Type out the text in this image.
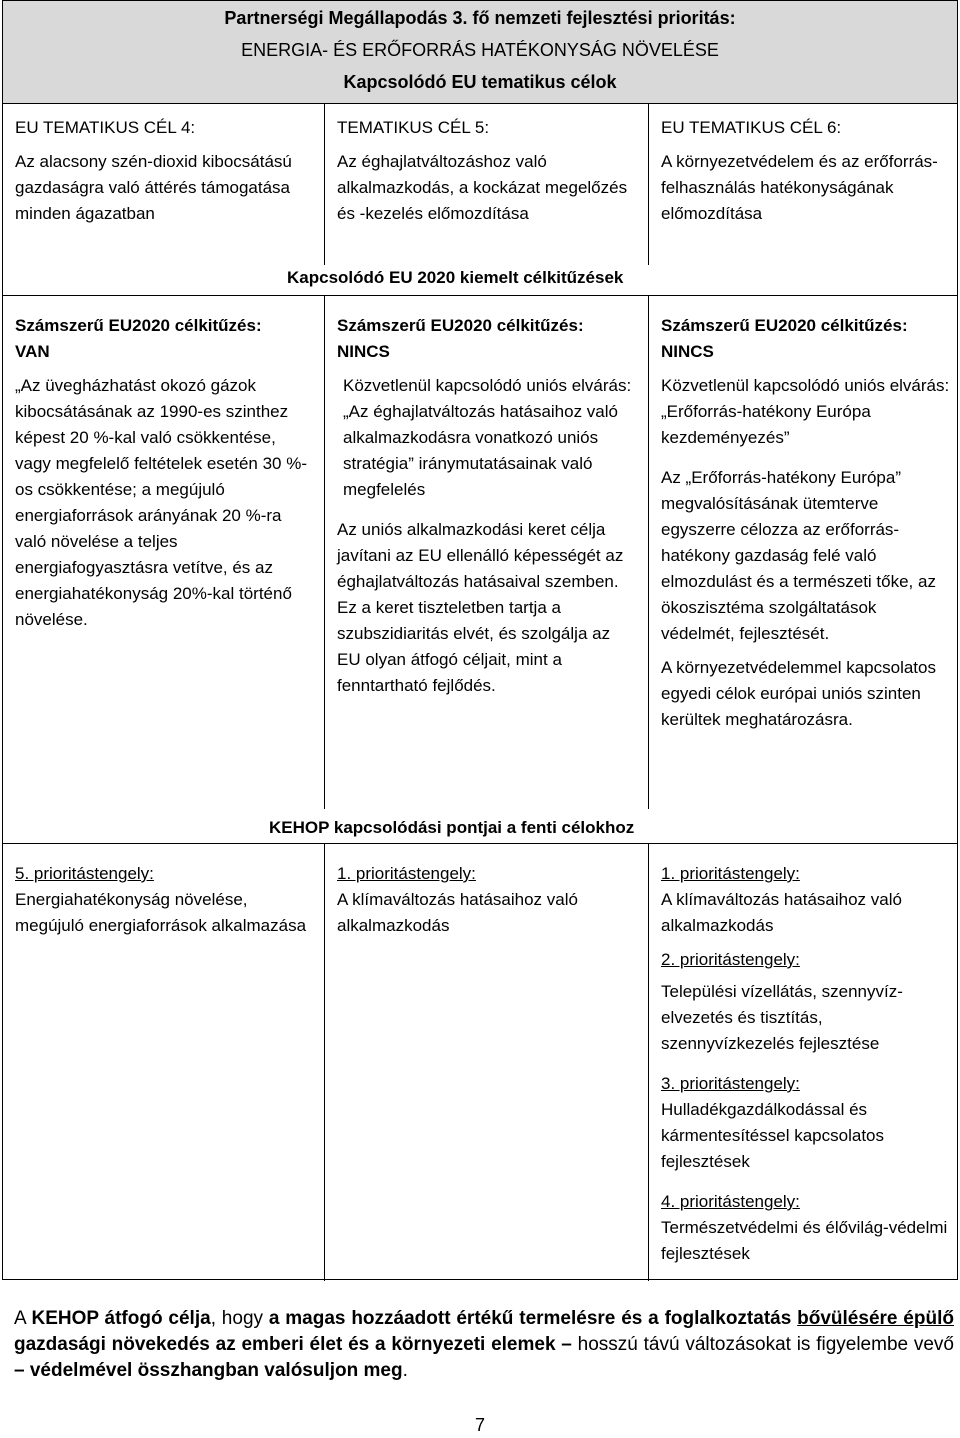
Partnerségi Megállapodás 3. fő nemzeti fejlesztési prioritás:
ENERGIA- ÉS ERŐFORRÁS HATÉKONYSÁG NÖVELÉSE
Kapcsolódó EU tematikus célok
EU TEMATIKUS CÉL 4:
Az alacsony szén-dioxid kibocsátású gazdaságra való áttérés támogatása minden ágazatban
TEMATIKUS CÉL 5:
Az éghajlatváltozáshoz való alkalmazkodás, a kockázat megelőzés és -kezelés előmozdítása
EU TEMATIKUS CÉL 6:
A környezetvédelem és az erőforrás-felhasználás hatékonyságának előmozdítása
Kapcsolódó EU 2020 kiemelt célkitűzések
Számszerű EU2020 célkitűzés:
VAN
„Az üvegházhatást okozó gázok kibocsátásának az 1990-es szinthez képest 20 %-kal való csökkentése, vagy megfelelő feltételek esetén 30 %-os csökkentése; a megújuló energiaforrások arányának 20 %-ra való növelése a teljes energiafogyasztásra vetítve, és az energiahatékonyság 20%-kal történő növelése.
Számszerű EU2020 célkitűzés:
NINCS
Közvetlenül kapcsolódó uniós elvárás: „Az éghajlatváltozás hatásaihoz való alkalmazkodásra vonatkozó uniós stratégia” iránymutatásainak való megfelelés
Az uniós alkalmazkodási keret célja javítani az EU ellenálló képességét az éghajlatváltozás hatásaival szemben. Ez a keret tiszteletben tartja a szubszidiaritás elvét, és szolgálja az EU olyan átfogó céljait, mint a fenntartható fejlődés.
Számszerű EU2020 célkitűzés:
NINCS
Közvetlenül kapcsolódó uniós elvárás: „Erőforrás-hatékony Európa kezdeményezés”
Az „Erőforrás-hatékony Európa” megvalósításának ütemterve egyszerre célozza az erőforrás-hatékony gazdaság felé való elmozdulást és a természeti tőke, az ökoszisztéma szolgáltatások védelmét, fejlesztését.
A környezetvédelemmel kapcsolatos egyedi célok európai uniós szinten kerültek meghatározásra.
KEHOP kapcsolódási pontjai a fenti célokhoz
5. prioritástengely:
Energiahatékonyság növelése, megújuló energiaforrások alkalmazása
1. prioritástengely:
A klímaváltozás hatásaihoz való alkalmazkodás
1. prioritástengely:
A klímaváltozás hatásaihoz való alkalmazkodás
2. prioritástengely:
Települési vízellátás, szennyvíz-elvezetés és tisztítás, szennyvízkezelés fejlesztése
3. prioritástengely:
Hulladékgazdálkodással és kármentesítéssel kapcsolatos fejlesztések
4. prioritástengely:
Természetvédelmi és élővilág-védelmi fejlesztések
A KEHOP átfogó célja, hogy a magas hozzáadott értékű termelésre és a foglalkoztatás bővülésére épülő gazdasági növekedés az emberi élet és a környezeti elemek – hosszú távú változásokat is figyelembe vevő – védelmével összhangban valósuljon meg.
7
